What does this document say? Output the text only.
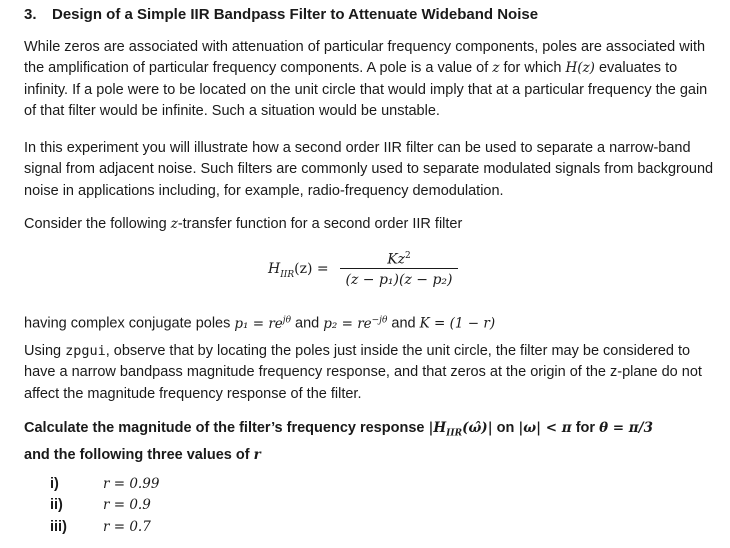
3. Design of a Simple IIR Bandpass Filter to Attenuate Wideband Noise

While zeros are associated with attenuation of particular frequency components, poles are associated with the amplification of particular frequency components. A pole is a value of z for which H(z) evaluates to infinity. If a pole were to be located on the unit circle that would imply that at a particular frequency the gain of that filter would be infinite. Such a situation would be unstable.

In this experiment you will illustrate how a second order IIR filter can be used to separate a narrow-band signal from adjacent noise. Such filters are commonly used to separate modulated signals from background noise in applications including, for example, radio-frequency demodulation.

Consider the following z-transfer function for a second order IIR filter

$H_{IIR}(z)$ =
$Kz^2$
(z − p₁)(z − p₂)

having complex conjugate poles $p_1 = re^{j\theta}$ and $p_2 = re^{-j\theta}$ and K = (1 − r)

Using zpgui, observe that by locating the poles just inside the unit circle, the filter may be considered to have a narrow bandpass magnitude frequency response, and that zeros at the origin of the z-plane do not affect the magnitude frequency response of the filter.

Calculate the magnitude of the filter’s frequency response $|H_{IIR}(\omegâ)|$ on |ω| < π for θ = π/3
and the following three values of r

i)	r = 0.99
ii)	r = 0.9
iii)	r = 0.7
